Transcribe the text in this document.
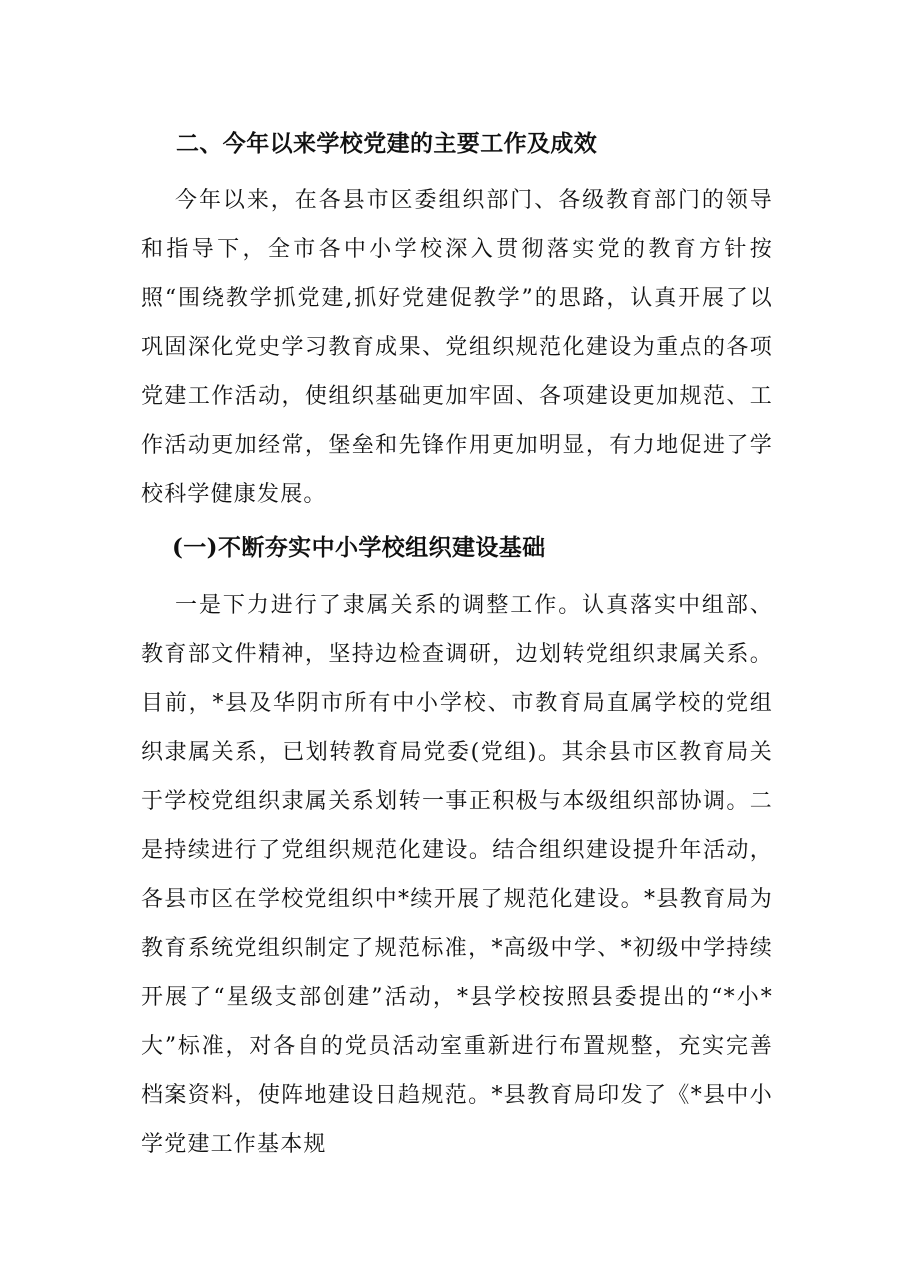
二、今年以来学校党建的主要工作及成效

今年以来，在各县市区委组织部门、各级教育部门的领导和指导下，全市各中小学校深入贯彻落实党的教育方针按照“围绕教学抓党建,抓好党建促教学”的思路，认真开展了以巩固深化党史学习教育成果、党组织规范化建设为重点的各项党建工作活动，使组织基础更加牢固、各项建设更加规范、工作活动更加经常，堡垒和先锋作用更加明显，有力地促进了学校科学健康发展。

(一)不断夯实中小学校组织建设基础

一是下力进行了隶属关系的调整工作。认真落实中组部、教育部文件精神，坚持边检查调研，边划转党组织隶属关系。目前，*县及华阴市所有中小学校、市教育局直属学校的党组织隶属关系，已划转教育局党委(党组)。其余县市区教育局关于学校党组织隶属关系划转一事正积极与本级组织部协调。二是持续进行了党组织规范化建设。结合组织建设提升年活动，各县市区在学校党组织中*续开展了规范化建设。*县教育局为教育系统党组织制定了规范标准，*高级中学、*初级中学持续开展了“星级支部创建”活动，*县学校按照县委提出的“*小*大”标准，对各自的党员活动室重新进行布置规整，充实完善档案资料，使阵地建设日趋规范。*县教育局印发了《*县中小学党建工作基本规
